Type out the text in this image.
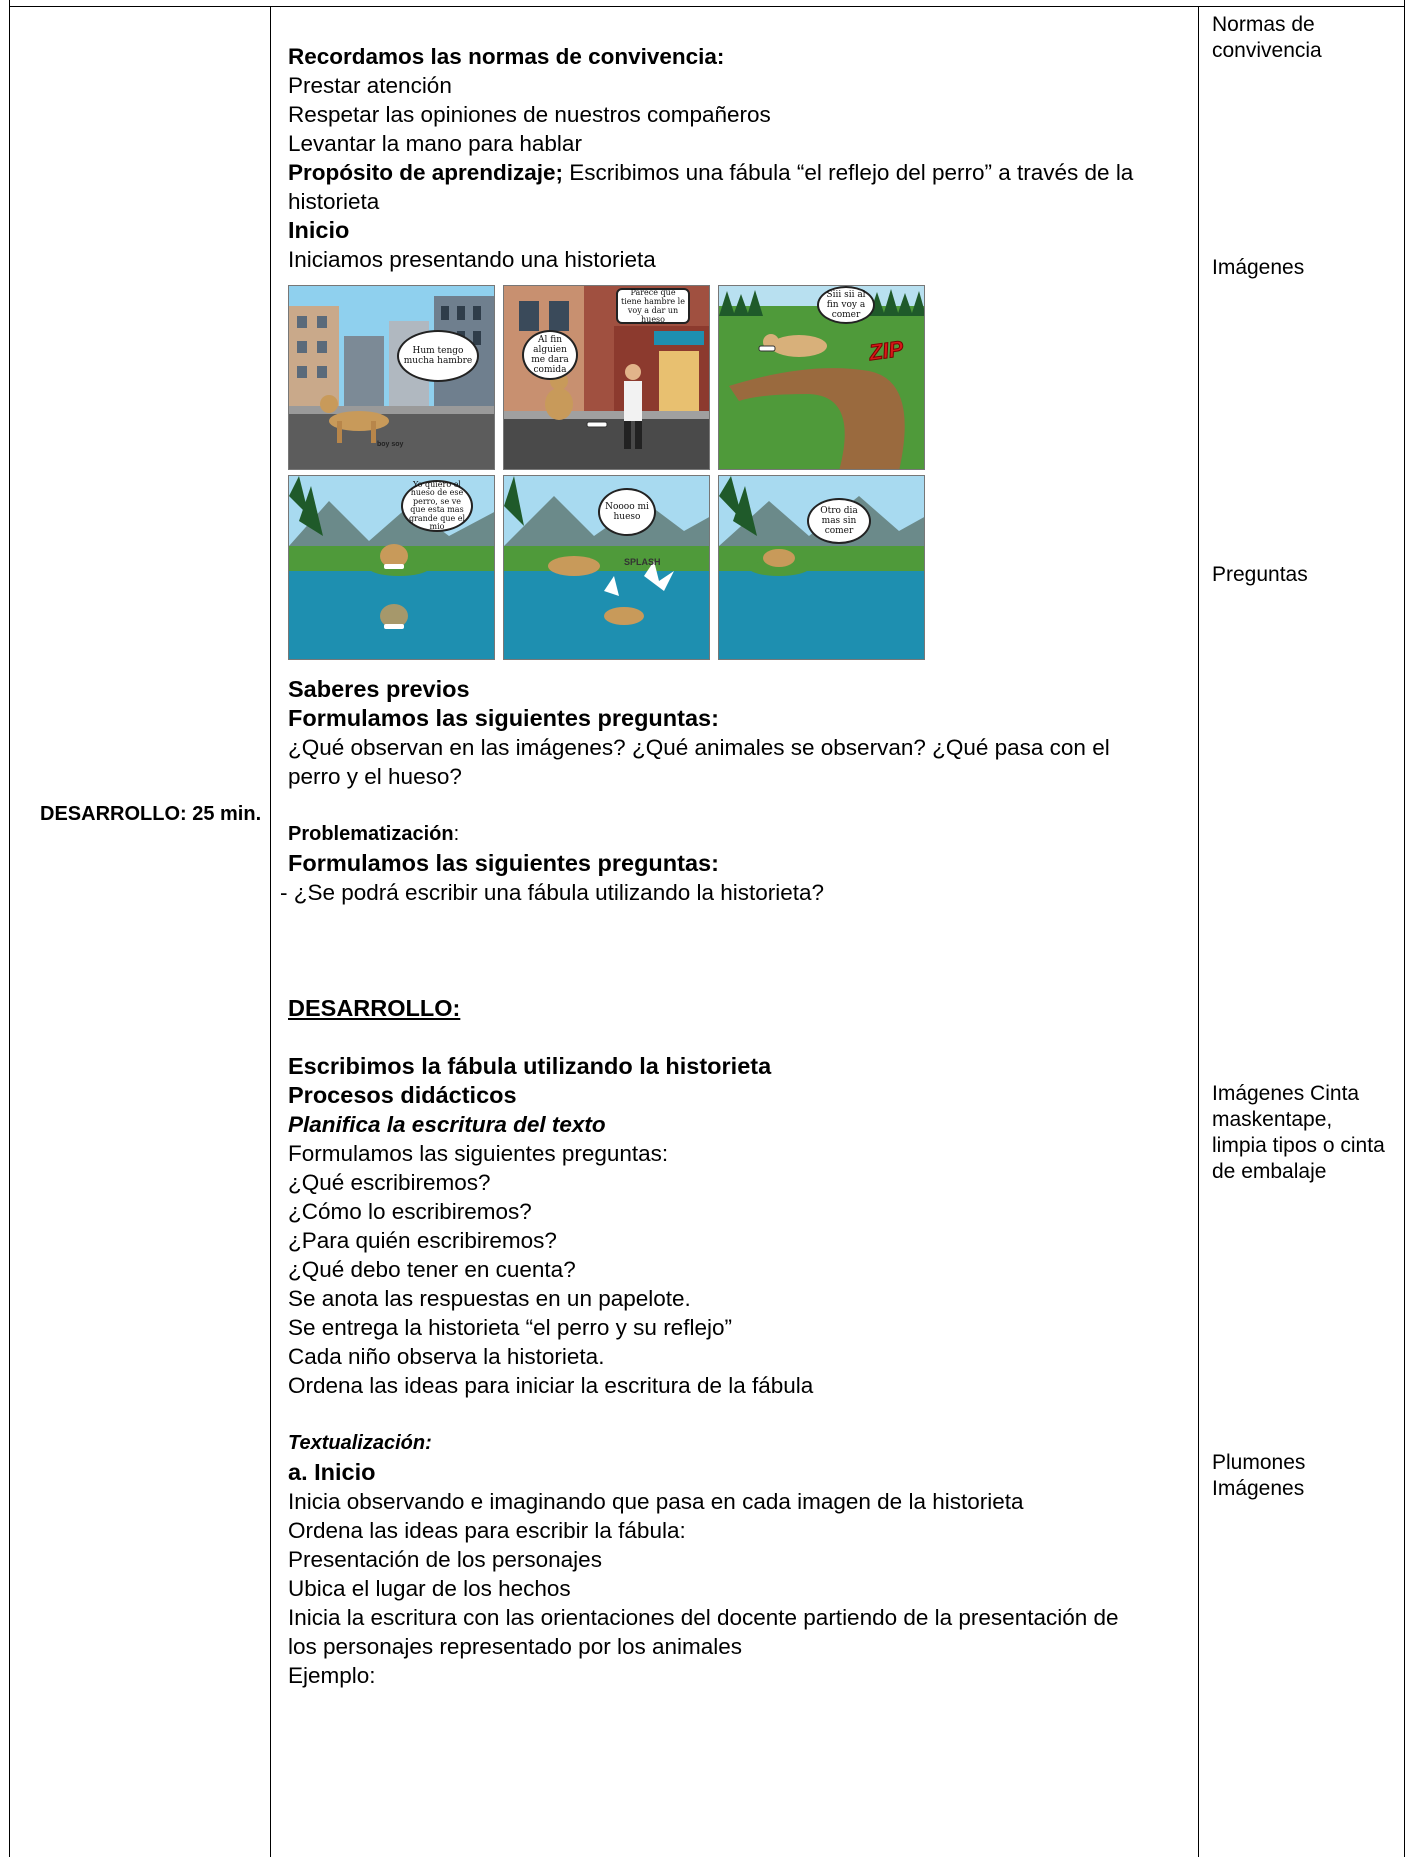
DESARROLLO: 25 min.

Recordamos las normas de convivencia:

Prestar atención

Respetar las opiniones de nuestros compañeros

Levantar la mano para hablar

Propósito de aprendizaje; Escribimos una fábula “el reflejo del perro” a través de la

historieta

Inicio

Iniciamos presentando una historieta

Hum tengo mucha hambre
boy soy
Al fin alguien me dara comida
Parece que tiene hambre le voy a dar un hueso
Siii sii al fin voy a comer
ZIP
Yo quiero el hueso de ese perro, se ve que esta mas grande que el mio
Noooo mi hueso
SPLASH
Otro dia mas sin comer

Saberes previos

Formulamos las siguientes preguntas:

¿Qué observan en las imágenes? ¿Qué animales se observan? ¿Qué pasa con el

perro y el hueso?

Problematización:

Formulamos las siguientes preguntas:

- ¿Se podrá escribir una fábula utilizando la historieta?

DESARROLLO:

Escribimos la fábula utilizando la historieta

Procesos didácticos

Planifica la escritura del texto

Formulamos las siguientes preguntas:

¿Qué escribiremos?

¿Cómo lo escribiremos?

¿Para quién escribiremos?

¿Qué debo tener en cuenta?

Se anota las respuestas en un papelote.

Se entrega la historieta “el perro y su reflejo”

Cada niño observa la historieta.

Ordena las ideas para iniciar la escritura de la fábula

Textualización:

a. Inicio

Inicia observando e imaginando que pasa en cada imagen de la historieta

Ordena las ideas para escribir la fábula:

Presentación de los personajes

Ubica el lugar de los hechos

Inicia la escritura con las orientaciones del docente partiendo de la presentación de

los personajes representado por los animales

Ejemplo:

Normas de convivencia
Imágenes
Preguntas
Imágenes Cinta maskentape, limpia tipos o cinta de embalaje
Plumones Imágenes
